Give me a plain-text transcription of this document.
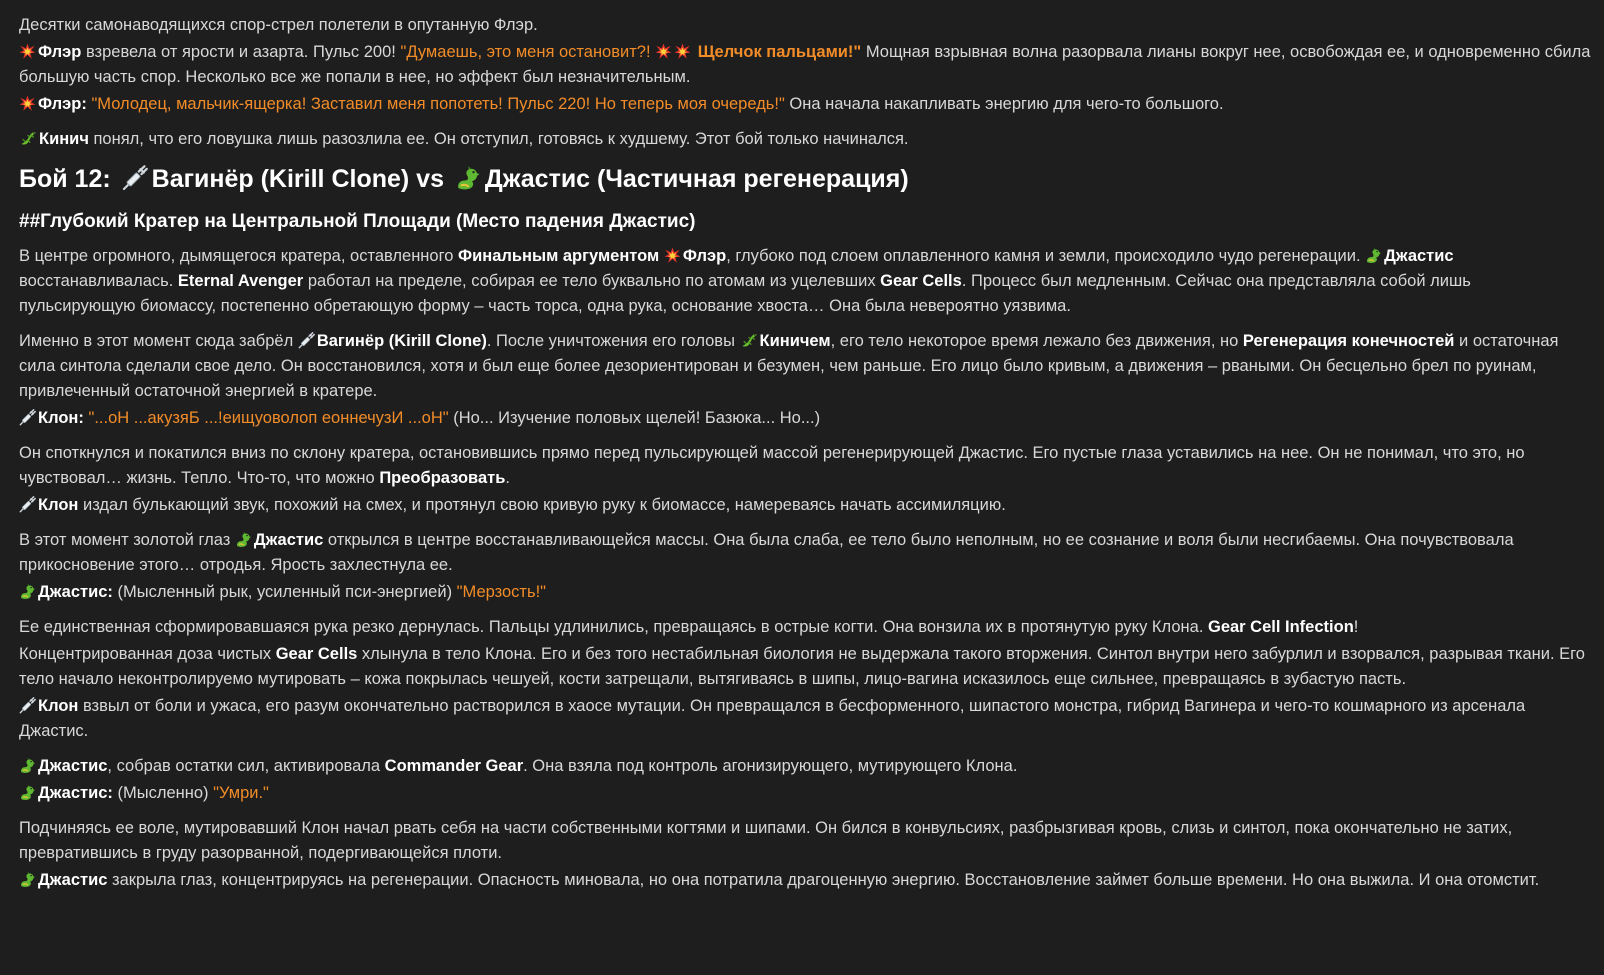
Десятки самонаводящихся спор-стрел полетели в опутанную Флэр.
Флэр взревела от ярости и азарта. Пульс 200! "Думаешь, это меня остановит?!	Щелчок пальцами!" Мощная взрывная волна разорвала лианы вокруг нее, освобождая ее, и одновременно сбила большую часть спор. Несколько все же попали в нее, но эффект был незначительным.
Флэр: "Молодец, мальчик-ящерка! Заставил меня попотеть! Пульс 220! Но теперь моя очередь!" Она начала накапливать энергию для чего-то большого.

Кинич понял, что его ловушка лишь разозлила ее. Он отступил, готовясь к худшему. Этот бой только начинался.

Бой 12:
Вагинёр (Kirill Clone) vs
Джастис (Частичная регенерация)
##Глубокий Кратер на Центральной Площади (Место падения Джастис)

В центре огромного, дымящегося кратера, оставленного Финальным аргументом Флэр, глубоко под слоем оплавленного камня и земли, происходило чудо регенерации.
Джастис восстанавливалась. Eternal Avenger работал на пределе, собирая ее тело буквально по атомам из уцелевших Gear Cells. Процесс был медленным. Сейчас она представляла собой лишь пульсирующую биомассу, постепенно обретающую форму – часть торса, одна рука, основание хвоста… Она была невероятно уязвима.

Именно в этот момент сюда забрёл
Вагинёр (Kirill Clone). После уничтожения его головы
Киничем, его тело некоторое время лежало без движения, но Регенерация конечностей и остаточная сила синтола сделали свое дело. Он восстановился, хотя и был еще более дезориентирован и безумен, чем раньше. Его лицо было кривым, а движения – рваными. Он бесцельно брел по руинам, привлеченный остаточной энергией в кратере.
Клон: "...оН ...акузяБ ...!еищуоволоп еоннечузИ ...оН" (Но... Изучение половых щелей! Базюка... Но...)
Он споткнулся и покатился вниз по склону кратера, остановившись прямо перед пульсирующей массой регенерирующей Джастис. Его пустые глаза уставились на нее. Он не понимал, что это, но чувствовал… жизнь. Тепло. Что-то, что можно Преобразовать.
Клон издал булькающий звук, похожий на смех, и протянул свою кривую руку к биомассе, намереваясь начать ассимиляцию.
В этот момент золотой глаз
Джастис открылся в центре восстанавливающейся массы. Она была слаба, ее тело было неполным, но ее сознание и воля были несгибаемы. Она почувствовала прикосновение этого… отродья. Ярость захлестнула ее.
Джастис: (Мысленный рык, усиленный пси-энергией) "Мерзость!"
Ее единственная сформировавшаяся рука резко дернулась. Пальцы удлинились, превращаясь в острые когти. Она вонзила их в протянутую руку Клона. Gear Cell Infection!
Концентрированная доза чистых Gear Cells хлынула в тело Клона. Его и без того нестабильная биология не выдержала такого вторжения. Синтол внутри него забурлил и взорвался, разрывая ткани. Его тело начало неконтролируемо мутировать – кожа покрылась чешуей, кости затрещали, вытягиваясь в шипы, лицо-вагина исказилось еще сильнее, превращаясь в зубастую пасть.
Клон взвыл от боли и ужаса, его разум окончательно растворился в хаосе мутации. Он превращался в бесформенного, шипастого монстра, гибрид Вагинера и чего-то кошмарного из арсенала Джастис.
Джастис, собрав остатки сил, активировала Commander Gear. Она взяла под контроль агонизирующего, мутирующего Клона.
Джастис: (Мысленно) "Умри."
Подчиняясь ее воле, мутировавший Клон начал рвать себя на части собственными когтями и шипами. Он бился в конвульсиях, разбрызгивая кровь, слизь и синтол, пока окончательно не затих, превратившись в груду разорванной, подергивающейся плоти.
Джастис закрыла глаз, концентрируясь на регенерации. Опасность миновала, но она потратила драгоценную энергию. Восстановление займет больше времени. Но она выжила. И она отомстит.
